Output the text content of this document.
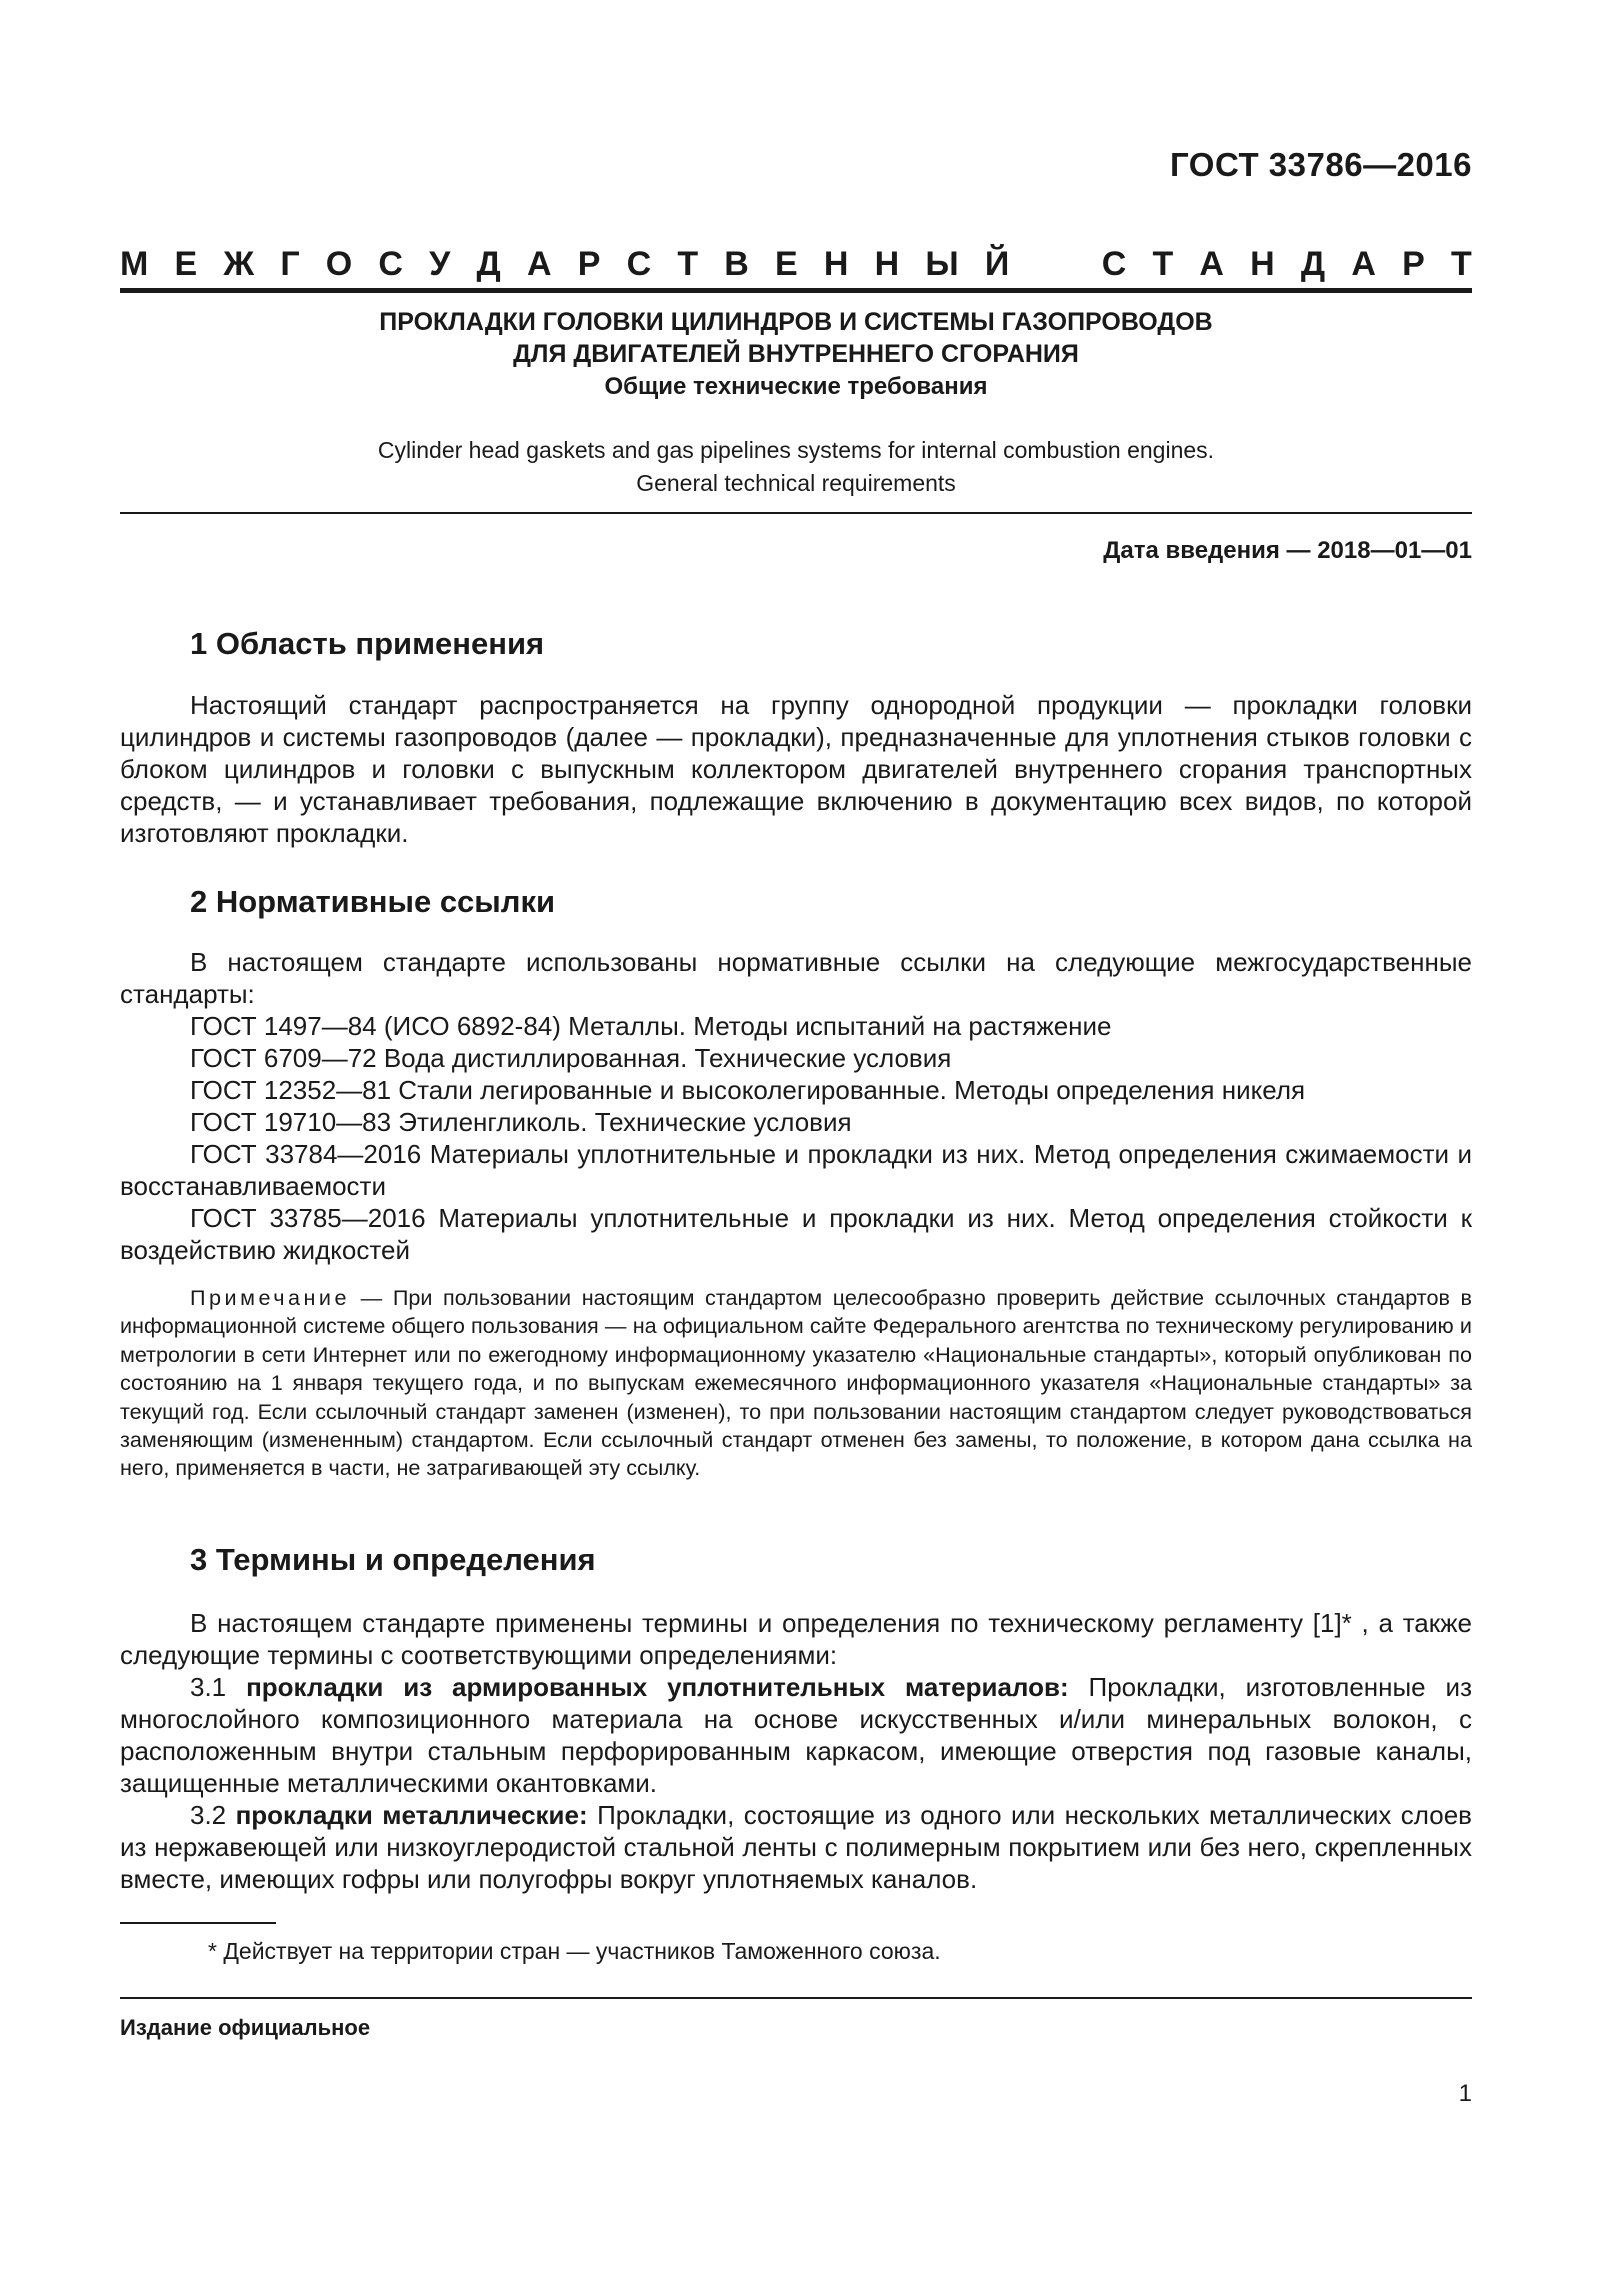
ГОСТ 33786—2016
М Е Ж Г О С У Д А Р С Т В Е Н Н Ы Й
	С Т А Н Д А Р Т
ПРОКЛАДКИ ГОЛОВКИ ЦИЛИНДРОВ И СИСТЕМЫ ГАЗОПРОВОДОВ
ДЛЯ ДВИГАТЕЛЕЙ ВНУТРЕННЕГО СГОРАНИЯ
Общие технические требования
Cylinder head gaskets and gas pipelines systems for internal combustion engines.
General technical requirements
Дата введения — 2018—01—01
1 Область применения

Настоящий стандарт распространяется на группу однородной продукции — прокладки головки цилиндров и системы газопроводов (далее — прокладки), предназначенные для уплотнения стыков головки с блоком цилиндров и головки с выпускным коллектором двигателей внутреннего сгорания транспортных средств, — и устанавливает требования, подлежащие включению в документацию всех видов, по которой изготовляют прокладки.

2 Нормативные ссылки

В настоящем стандарте использованы нормативные ссылки на следующие межгосударственные стандарты:

ГОСТ 1497—84 (ИСО 6892-84) Металлы. Методы испытаний на растяжение
ГОСТ 6709—72 Вода дистиллированная. Технические условия
ГОСТ 12352—81 Стали легированные и высоколегированные. Методы определения никеля
ГОСТ 19710—83 Этиленгликоль. Технические условия

ГОСТ 33784—2016 Материалы уплотнительные и прокладки из них. Метод определения сжимаемости и восстанавливаемости

ГОСТ 33785—2016 Материалы уплотнительные и прокладки из них. Метод определения стойкости к воздействию жидкостей

Примечание — При пользовании настоящим стандартом целесообразно проверить действие ссылочных стандартов в информационной системе общего пользования — на официальном сайте Федерального агентства по техническому регулированию и метрологии в сети Интернет или по ежегодному информационному указателю «Национальные стандарты», который опубликован по состоянию на 1 января текущего года, и по выпускам ежемесячного информационного указателя «Национальные стандарты» за текущий год. Если ссылочный стандарт заменен (изменен), то при пользовании настоящим стандартом следует руководствоваться заменяющим (измененным) стандартом. Если ссылочный стандарт отменен без замены, то положение, в котором дана ссылка на него, применяется в части, не затрагивающей эту ссылку.
3 Термины и определения

В настоящем стандарте применены термины и определения по техническому регламенту [1]* , а также следующие термины с соответствующими определениями:

3.1 прокладки из армированных уплотнительных материалов: Прокладки, изготовленные из многослойного композиционного материала на основе искусственных и/или минеральных волокон, с расположенным внутри стальным перфорированным каркасом, имеющие отверстия под газовые каналы, защищенные металлическими окантовками.

3.2 прокладки металлические: Прокладки, состоящие из одного или нескольких металлических слоев из нержавеющей или низкоуглеродистой стальной ленты с полимерным покрытием или без него, скрепленных вместе, имеющих гофры или полугофры вокруг уплотняемых каналов.

* Действует на территории стран — участников Таможенного союза.
Издание официальное
1
